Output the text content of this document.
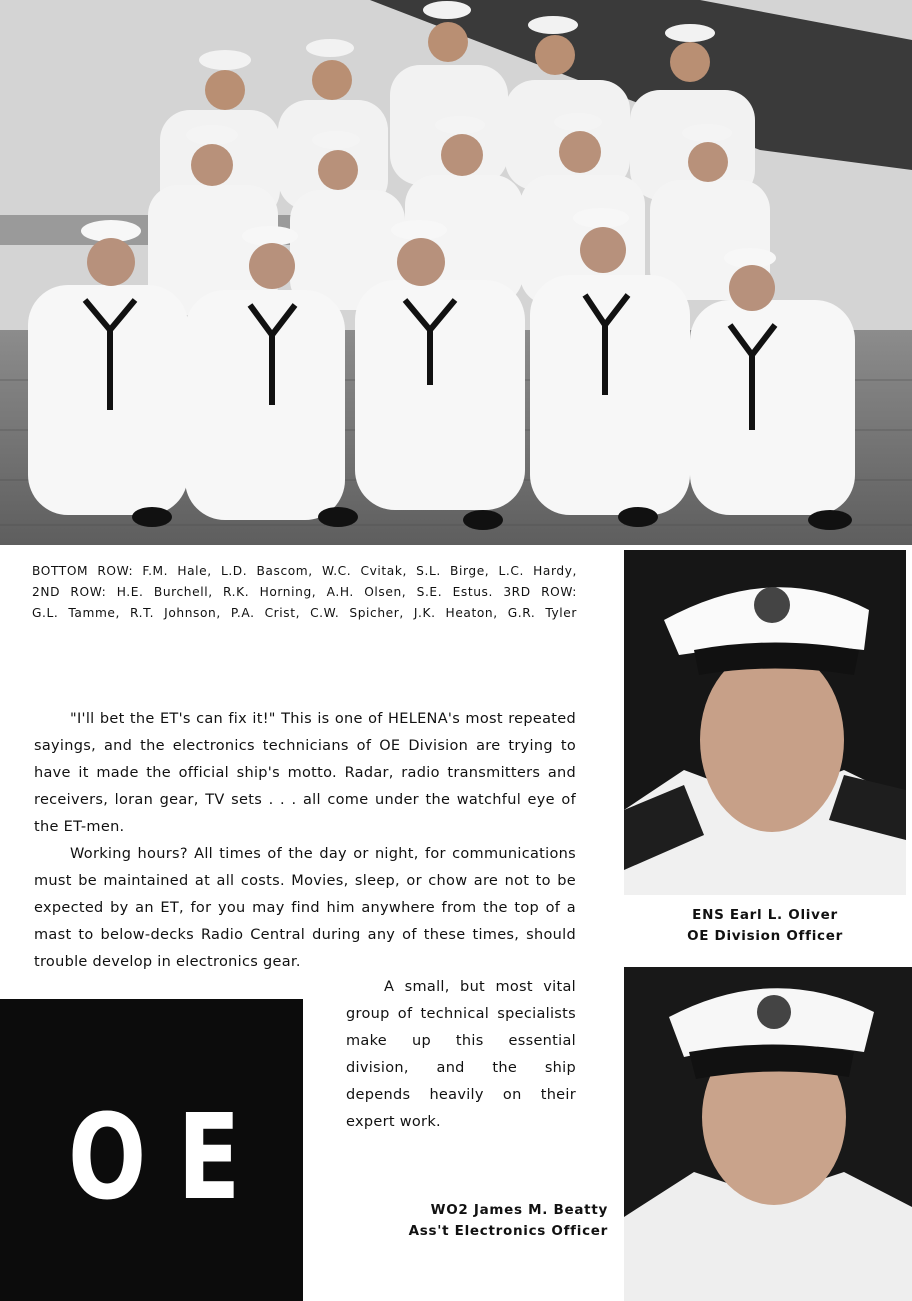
BOTTOM ROW: F.M. Hale, L.D. Bascom, W.C. Cvitak, S.L. Birge, L.C. Hardy,

2ND ROW: H.E. Burchell, R.K. Horning, A.H. Olsen, S.E. Estus. 3RD ROW:

G.L. Tamme, R.T. Johnson, P.A. Crist, C.W. Spicher, J.K. Heaton, G.R. Tyler

"I'll bet the ET's can fix it!" This is one of HELENA's most repeated sayings, and the electronics technicians of OE Division are trying to have it made the official ship's motto. Radar, radio transmitters and receivers, loran gear, TV sets . . . all come under the watchful eye of the ET-men.

Working hours? All times of the day or night, for communications must be maintained at all costs. Movies, sleep, or chow are not to be expected by an ET, for you may find him anywhere from the top of a mast to below-decks Radio Central during any of these times, should trouble develop in electronics gear.

A small, but most vital group of technical specialists make up this essential division, and the ship depends heavily on their expert work.

OE
ENS Earl L. Oliver
OE Division Officer
WO2 James M. Beatty
Ass't Electronics Officer
